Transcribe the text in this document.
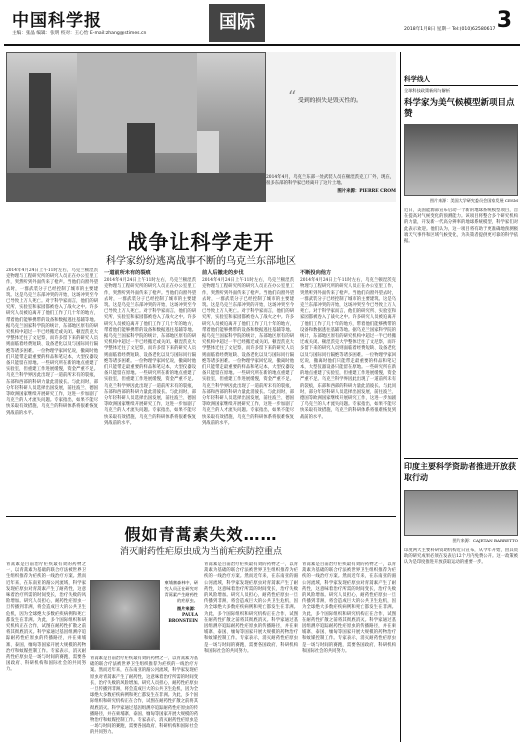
中国科学报
主编：张晶 编辑：张明 校对：王心怡 E-mail:zhang@stimes.cn
国际	2018年1月8日 星期一 Tel:(010)62580617 3
“ 受到的损失是毁灭性的。
2014年4月，乌克兰东部一处武装人员在顿涅茨克工厂外，现在，很多东部的科学家已经离开了这片土地。
图片来源：PIERRE CROM
战争让科学走开
科学家纷纷逃离战事不断的乌克兰东部地区
2014年4月24日上午11时左右，乌克兰顿涅茨克物理与工程研究所的研究人员正在办公室里工作，突然听到外面传来了枪声。当他们向窗外望去时，一群武装分子已经控制了城市的主要建筑。这是乌克兰东部冲突的开始，这场冲突至今已导致上万人死亡。对于科学家而言，他们的研究所、实验室和家园都被卷入了战火之中。许多研究人员被迫离开了他们工作了几十年的地方，带着他们能够携带的设备和数据逃往基辅等地。据乌克兰国家科学院的统计，东部地区原有的研究机构中超过一半已经搬迁或关闭。顿涅茨克大学整体迁往了文尼察，而许多留下来的研究人员则面临着经费短缺、设备老化以及与国际同行隔绝等诸多困难。一位物理学家回忆说，撤离时他们只能带走最重要的样品和笔记本，大型仪器设备只能留在原地。一些研究所在新的地点重建了实验室，但重建工作进展缓慢，资金严重不足。乌克兰科学界因此出现了一道前所未有的裂痕，东部和西部的科研力量此消彼长。与此同时，部分年轻科研人员选择出国发展，前往波兰、德国等欧洲国家继续开展研究工作，这进一步加剧了乌克兰的人才流失问题。专家指出，如果不能尽快采取有效措施，乌克兰的科研体系将很难恢复到战前的水平。
一道前所未有的裂痕
2014年4月24日上午11时左右，乌克兰顿涅茨克物理与工程研究所的研究人员正在办公室里工作，突然听到外面传来了枪声。当他们向窗外望去时，一群武装分子已经控制了城市的主要建筑。这是乌克兰东部冲突的开始，这场冲突至今已导致上万人死亡。对于科学家而言，他们的研究所、实验室和家园都被卷入了战火之中。许多研究人员被迫离开了他们工作了几十年的地方，带着他们能够携带的设备和数据逃往基辅等地。据乌克兰国家科学院的统计，东部地区原有的研究机构中超过一半已经搬迁或关闭。顿涅茨克大学整体迁往了文尼察，而许多留下来的研究人员则面临着经费短缺、设备老化以及与国际同行隔绝等诸多困难。一位物理学家回忆说，撤离时他们只能带走最重要的样品和笔记本，大型仪器设备只能留在原地。一些研究所在新的地点重建了实验室，但重建工作进展缓慢，资金严重不足。乌克兰科学界因此出现了一道前所未有的裂痕，东部和西部的科研力量此消彼长。与此同时，部分年轻科研人员选择出国发展，前往波兰、德国等欧洲国家继续开展研究工作，这进一步加剧了乌克兰的人才流失问题。专家指出，如果不能尽快采取有效措施，乌克兰的科研体系将很难恢复到战前的水平。
前人后撤走的步伐
2014年4月24日上午11时左右，乌克兰顿涅茨克物理与工程研究所的研究人员正在办公室里工作，突然听到外面传来了枪声。当他们向窗外望去时，一群武装分子已经控制了城市的主要建筑。这是乌克兰东部冲突的开始，这场冲突至今已导致上万人死亡。对于科学家而言，他们的研究所、实验室和家园都被卷入了战火之中。许多研究人员被迫离开了他们工作了几十年的地方，带着他们能够携带的设备和数据逃往基辅等地。据乌克兰国家科学院的统计，东部地区原有的研究机构中超过一半已经搬迁或关闭。顿涅茨克大学整体迁往了文尼察，而许多留下来的研究人员则面临着经费短缺、设备老化以及与国际同行隔绝等诸多困难。一位物理学家回忆说，撤离时他们只能带走最重要的样品和笔记本，大型仪器设备只能留在原地。一些研究所在新的地点重建了实验室，但重建工作进展缓慢，资金严重不足。乌克兰科学界因此出现了一道前所未有的裂痕，东部和西部的科研力量此消彼长。与此同时，部分年轻科研人员选择出国发展，前往波兰、德国等欧洲国家继续开展研究工作，这进一步加剧了乌克兰的人才流失问题。专家指出，如果不能尽快采取有效措施，乌克兰的科研体系将很难恢复到战前的水平。
不断投向他方
2014年4月24日上午11时左右，乌克兰顿涅茨克物理与工程研究所的研究人员正在办公室里工作，突然听到外面传来了枪声。当他们向窗外望去时，一群武装分子已经控制了城市的主要建筑。这是乌克兰东部冲突的开始，这场冲突至今已导致上万人死亡。对于科学家而言，他们的研究所、实验室和家园都被卷入了战火之中。许多研究人员被迫离开了他们工作了几十年的地方，带着他们能够携带的设备和数据逃往基辅等地。据乌克兰国家科学院的统计，东部地区原有的研究机构中超过一半已经搬迁或关闭。顿涅茨克大学整体迁往了文尼察，而许多留下来的研究人员则面临着经费短缺、设备老化以及与国际同行隔绝等诸多困难。一位物理学家回忆说，撤离时他们只能带走最重要的样品和笔记本，大型仪器设备只能留在原地。一些研究所在新的地点重建了实验室，但重建工作进展缓慢，资金严重不足。乌克兰科学界因此出现了一道前所未有的裂痕，东部和西部的科研力量此消彼长。与此同时，部分年轻科研人员选择出国发展，前往波兰、德国等欧洲国家继续开展研究工作，这进一步加剧了乌克兰的人才流失问题。专家指出，如果不能尽快采取有效措施，乌克兰的科研体系将很难恢复到战前的水平。
假如青蒿素失效……
消灭耐药性疟原虫成为当前疟疾防控重点
青蒿素是目前治疗疟疾最有效的药物之一，以青蒿素为基础的联合疗法被世界卫生组织推荐为疟疾的一线治疗方案。然而近年来，在东南亚的湄公河流域，科学家发现疟原虫对青蒿素产生了耐药性，这意味着治疗所需的时间变长，治疗失败的风险增加。研究人员担心，耐药性疟原虫一旦传播到非洲，将会造成巨大的公共卫生危机，因为全球绝大多数疟疾病例和死亡都发生在非洲。为此，多个国际组织和研究机构正在合作，试图在耐药性扩散之前将其彻底消灭。科学家通过基因组测序追踪耐药性疟原虫的传播路径，并在柬埔寨、泰国、缅甸等国家开展大规模的药物治疗和蚊媒控制工作。专家表示，消灭耐药性疟原虫是一场与时间的赛跑，需要各国政府、科研机构和国际社会的共同努力。
柬埔寨森林中，研究人员正在研究对青蒿素产生耐药性的疟原虫。
图片来源：PAULA BRONSTEIN
青蒿素是目前治疗疟疾最有效的药物之一，以青蒿素为基础的联合疗法被世界卫生组织推荐为疟疾的一线治疗方案。然而近年来，在东南亚的湄公河流域，科学家发现疟原虫对青蒿素产生了耐药性，这意味着治疗所需的时间变长，治疗失败的风险增加。研究人员担心，耐药性疟原虫一旦传播到非洲，将会造成巨大的公共卫生危机，因为全球绝大多数疟疾病例和死亡都发生在非洲。为此，多个国际组织和研究机构正在合作，试图在耐药性扩散之前将其彻底消灭。科学家通过基因组测序追踪耐药性疟原虫的传播路径，并在柬埔寨、泰国、缅甸等国家开展大规模的药物治疗和蚊媒控制工作。专家表示，消灭耐药性疟原虫是一场与时间的赛跑，需要各国政府、科研机构和国际社会的共同努力。
青蒿素是目前治疗疟疾最有效的药物之一，以青蒿素为基础的联合疗法被世界卫生组织推荐为疟疾的一线治疗方案。然而近年来，在东南亚的湄公河流域，科学家发现疟原虫对青蒿素产生了耐药性，这意味着治疗所需的时间变长，治疗失败的风险增加。研究人员担心，耐药性疟原虫一旦传播到非洲，将会造成巨大的公共卫生危机，因为全球绝大多数疟疾病例和死亡都发生在非洲。为此，多个国际组织和研究机构正在合作，试图在耐药性扩散之前将其彻底消灭。科学家通过基因组测序追踪耐药性疟原虫的传播路径，并在柬埔寨、泰国、缅甸等国家开展大规模的药物治疗和蚊媒控制工作。专家表示，消灭耐药性疟原虫是一场与时间的赛跑，需要各国政府、科研机构和国际社会的共同努力。
青蒿素是目前治疗疟疾最有效的药物之一，以青蒿素为基础的联合疗法被世界卫生组织推荐为疟疾的一线治疗方案。然而近年来，在东南亚的湄公河流域，科学家发现疟原虫对青蒿素产生了耐药性，这意味着治疗所需的时间变长，治疗失败的风险增加。研究人员担心，耐药性疟原虫一旦传播到非洲，将会造成巨大的公共卫生危机，因为全球绝大多数疟疾病例和死亡都发生在非洲。为此，多个国际组织和研究机构正在合作，试图在耐药性扩散之前将其彻底消灭。科学家通过基因组测序追踪耐药性疟原虫的传播路径，并在柬埔寨、泰国、缅甸等国家开展大规模的药物治疗和蚊媒控制工作。专家表示，消灭耐药性疟原虫是一场与时间的赛跑，需要各国政府、科研机构和国际社会的共同努力。
科学线人
全球科技政策新闻与解析
科学家为美气候模型新项目点赞
图片来源：美国大学研究委员会国家发展 CESM
近日，美国能源部宣布启动一个新的地球系统模型项目，旨在提高对气候变化的预测能力。该项目将整合多个研究机构的力量，开发新一代高分辨率的地球系统模型，科学家们对此表示欢迎。他们认为，这一项目将有助于更准确地预测极端天气事件和区域气候变化，为决策者提供更可靠的科学依据。
印度主要科学资助者推进开放获取行动
图片来源：CAJETAN BARRETTO
印度两大主要科研资助机构近日宣布，从今年开始，由其资助的研究成果必须在发表后12个月内免费公开。这一政策被认为是印度推进开放获取运动的重要一步。
